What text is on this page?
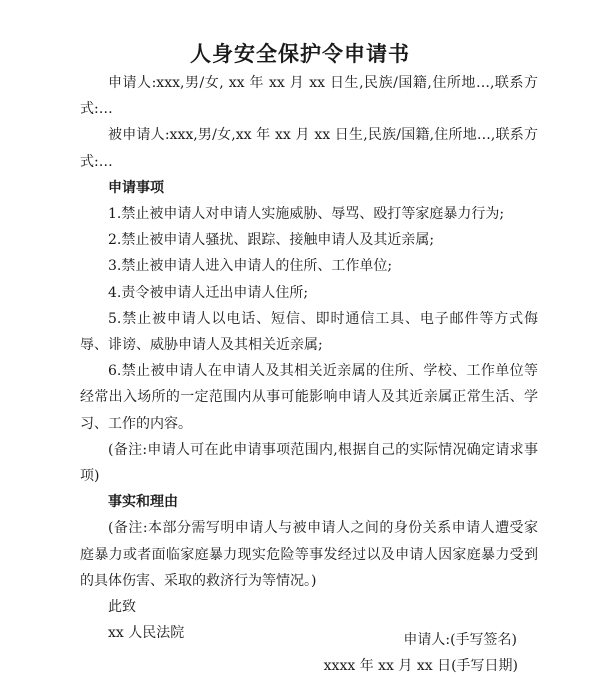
人身安全保护令申请书

申请人:xxx,男/女, xx 年 xx 月 xx 日生,民族/国籍,住所地…,联系方式:…

被申请人:xxx,男/女,xx 年 xx 月 xx 日生,民族/国籍,住所地…,联系方式:…

申请事项

1.禁止被申请人对申请人实施威胁、辱骂、殴打等家庭暴力行为;

2.禁止被申请人骚扰、跟踪、接触申请人及其近亲属;

3.禁止被申请人进入申请人的住所、工作单位;

4.责令被申请人迁出申请人住所;

5.禁止被申请人以电话、短信、即时通信工具、电子邮件等方式侮辱、诽谤、威胁申请人及其相关近亲属;

6.禁止被申请人在申请人及其相关近亲属的住所、学校、工作单位等经常出入场所的一定范围内从事可能影响申请人及其近亲属正常生活、学习、工作的内容。

(备注:申请人可在此申请事项范围内,根据自己的实际情况确定请求事项)

事实和理由

(备注:本部分需写明申请人与被申请人之间的身份关系申请人遭受家庭暴力或者面临家庭暴力现实危险等事发经过以及申请人因家庭暴力受到的具体伤害、采取的救济行为等情况。)

此致

xx 人民法院	申请人:(手写签名)
xxxx 年 xx 月 xx 日(手写日期)
